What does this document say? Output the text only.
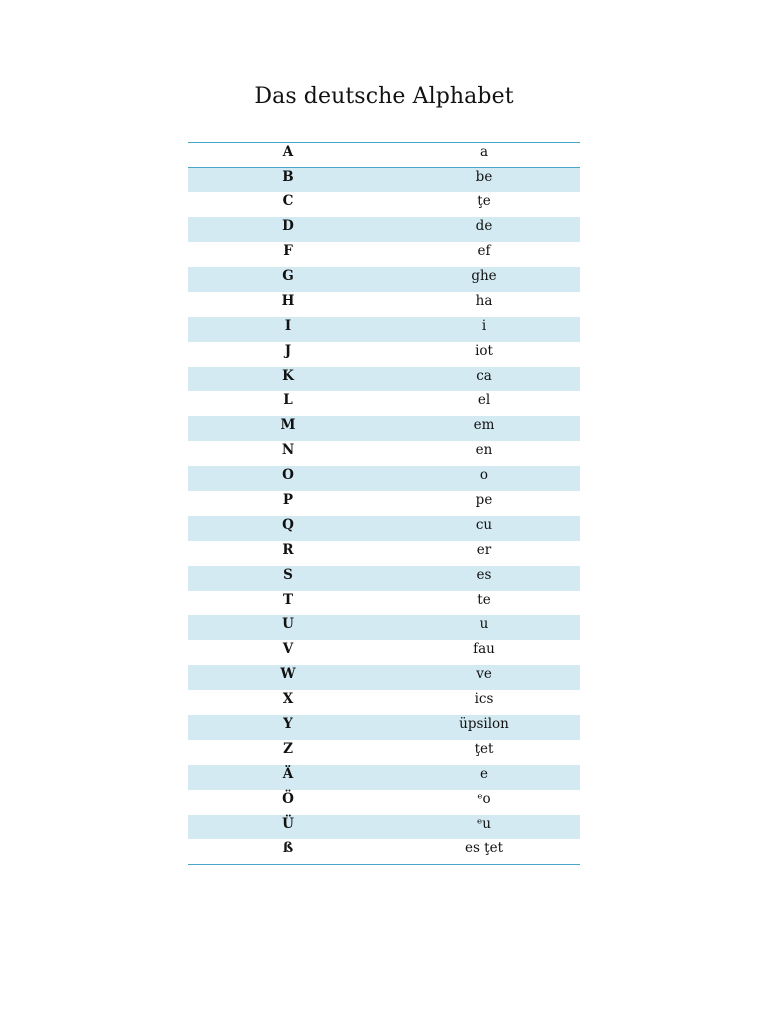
Das deutsche Alphabet
A	a
B	be
C	ţe
D	de
F	ef
G	ghe
H	ha
I	i
J	iot
K	ca
L	el
M	em
N	en
O	o
P	pe
Q	cu
R	er
S	es
T	te
U	u
V	fau
W	ve
X	ics
Y	üpsilon
Z	ţet
Ä	e
Ö	ᵉo
Ü	ᵉu
ß	es ţet
